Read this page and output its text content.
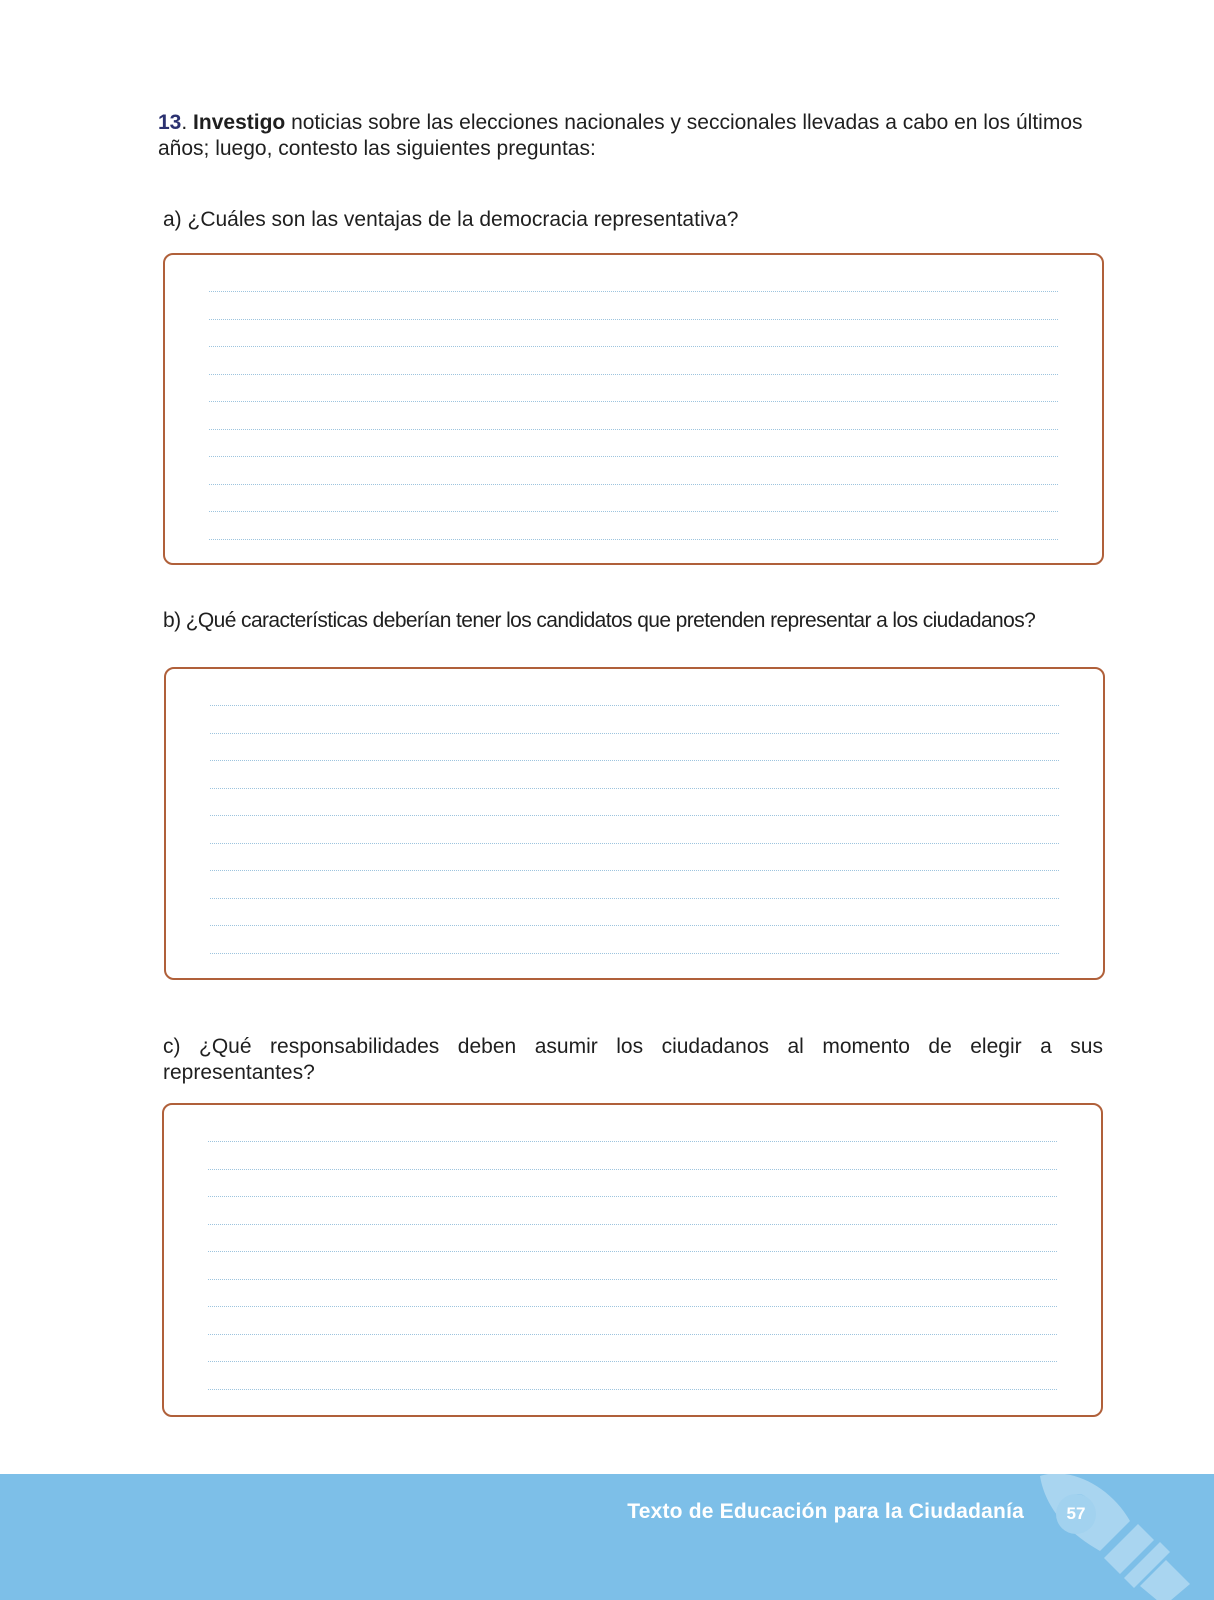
13. Investigo noticias sobre las elecciones nacionales y seccionales llevadas a cabo en los últimos años; luego, contesto las siguientes preguntas:
a) ¿Cuáles son las ventajas de la democracia representativa?
b) ¿Qué características deberían tener los candidatos que pretenden representar a los ciudadanos?
c) ¿Qué responsabilidades deben asumir los ciudadanos al momento de elegir a sus representantes?
Texto de Educación para la Ciudadanía	57
